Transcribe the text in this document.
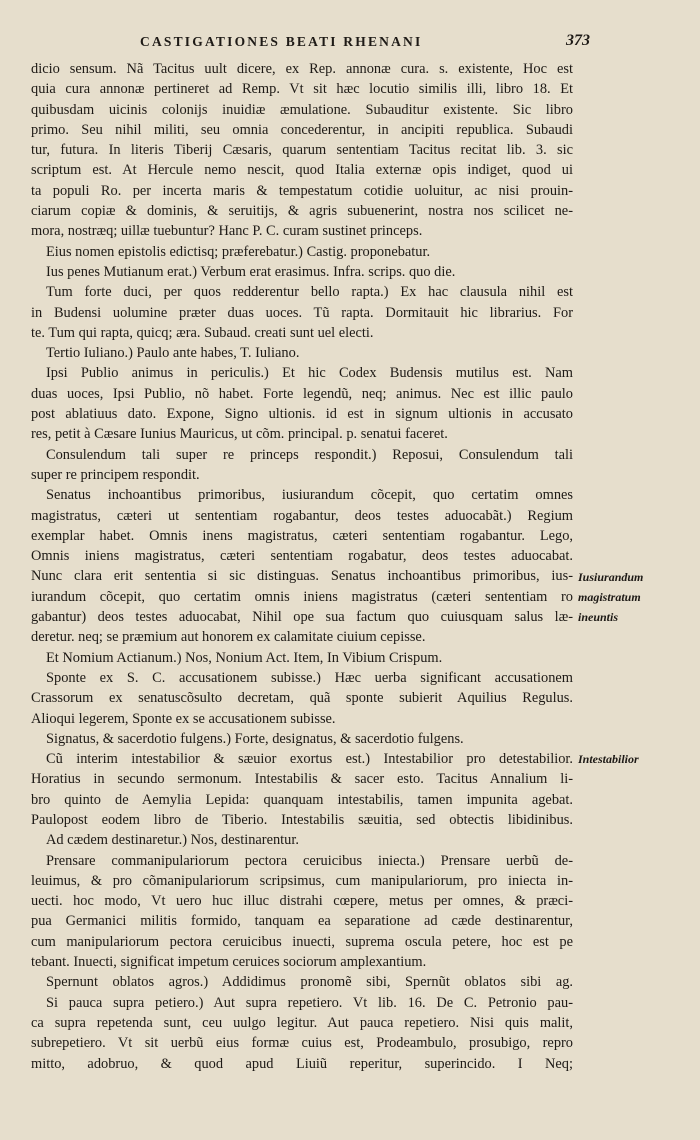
CASTIGATIONES BEATI RHENANI	373
dicio sensum. Nã Tacitus uult dicere, ex Rep. annonæ cura. s. existente, Hoc est
quia cura annonæ pertineret ad Remp. Vt sit hæc locutio similis illi, libro 18. Et
quibusdam uicinis colonijs inuidiæ æmulatione. Subauditur existente. Sic libro
primo. Seu nihil militi, seu omnia concederentur, in ancipiti republica. Subaudi
tur, futura. In literis Tiberij Cæsaris, quarum sententiam Tacitus recitat lib. 3. sic
scriptum est. At Hercule nemo nescit, quod Italia externæ opis indiget, quod ui
ta populi Ro. per incerta maris & tempestatum cotidie uoluitur, ac nisi prouin-
ciarum copiæ & dominis, & seruitijs, & agris subuenerint, nostra nos scilicet ne-
mora, nostræq; uillæ tuebuntur? Hanc P. C. curam sustinet princeps.
Eius nomen epistolis edictisq; præferebatur.) Castig. proponebatur.
Ius penes Mutianum erat.) Verbum erat erasimus. Infra. scrips. quo die.
Tum forte duci, per quos redderentur bello rapta.) Ex hac clausula nihil est
in Budensi uolumine præter duas uoces. Tũ rapta. Dormitauit hic librarius. For
te. Tum qui rapta, quicq; æra. Subaud. creati sunt uel electi.
Tertio Iuliano.) Paulo ante habes, T. Iuliano.
Ipsi Publio animus in periculis.) Et hic Codex Budensis mutilus est. Nam
duas uoces, Ipsi Publio, nõ habet. Forte legendũ, neq; animus. Nec est illic paulo
post ablatiuus dato. Expone, Signo ultionis. id est in signum ultionis in accusato
res, petit à Cæsare Iunius Mauricus, ut cõm. principal. p. senatui faceret.
Consulendum tali super re princeps respondit.) Reposui, Consulendum tali
super re principem respondit.
Senatus inchoantibus primoribus, iusiurandum cõcepit, quo certatim omnes
magistratus, cæteri ut sententiam rogabantur, deos testes aduocabãt.) Regium
exemplar habet. Omnis inens magistratus, cæteri sententiam rogabantur. Lego,
Omnis iniens magistratus, cæteri sententiam rogabatur, deos testes aduocabat.
Nunc clara erit sententia si sic distinguas. Senatus inchoantibus primoribus, ius-
iurandum cõcepit, quo certatim omnis iniens magistratus (cæteri sententiam ro
gabantur) deos testes aduocabat, Nihil ope sua factum quo cuiusquam salus læ-
deretur. neq; se præmium aut honorem ex calamitate ciuium cepisse.
Et Nomium Actianum.) Nos, Nonium Act. Item, In Vibium Crispum.
Sponte ex S. C. accusationem subisse.) Hæc uerba significant accusationem
Crassorum ex senatuscõsulto decretam, quã sponte subierit Aquilius Regulus.
Alioqui legerem, Sponte ex se accusationem subisse.
Signatus, & sacerdotio fulgens.) Forte, designatus, & sacerdotio fulgens.
Cũ interim intestabilior & sæuior exortus est.) Intestabilior pro detestabilior.
Horatius in secundo sermonum. Intestabilis & sacer esto. Tacitus Annalium li-
bro quinto de Aemylia Lepida: quanquam intestabilis, tamen impunita agebat.
Paulopost eodem libro de Tiberio. Intestabilis sæuitia, sed obtectis libidinibus.
Ad cædem destinaretur.) Nos, destinarentur.
Prensare commanipulariorum pectora ceruicibus iniecta.) Prensare uerbũ de-
leuimus, & pro cõmanipulariorum scripsimus, cum manipulariorum, pro iniecta in-
uecti. hoc modo, Vt uero huc illuc distrahi cœpere, metus per omnes, & præci-
pua Germanici militis formido, tanquam ea separatione ad cæde destinarentur,
cum manipulariorum pectora ceruicibus inuecti, suprema oscula petere, hoc est pe
tebant. Inuecti, significat impetum ceruices sociorum amplexantium.
Spernunt oblatos agros.) Addidimus pronomẽ sibi, Spernũt oblatos sibi ag.
Si pauca supra petiero.) Aut supra repetiero. Vt lib. 16. De C. Petronio pau-
ca supra repetenda sunt, ceu uulgo legitur. Aut pauca repetiero. Nisi quis malit,
subrepetiero. Vt sit uerbũ eius formæ cuius est, Prodeambulo, prosubigo, repro
mitto, adobruo, & quod apud Liuiũ reperitur, superincido. I Neq;
Iusiurandum
magistratum
ineuntis
Intestabilior
